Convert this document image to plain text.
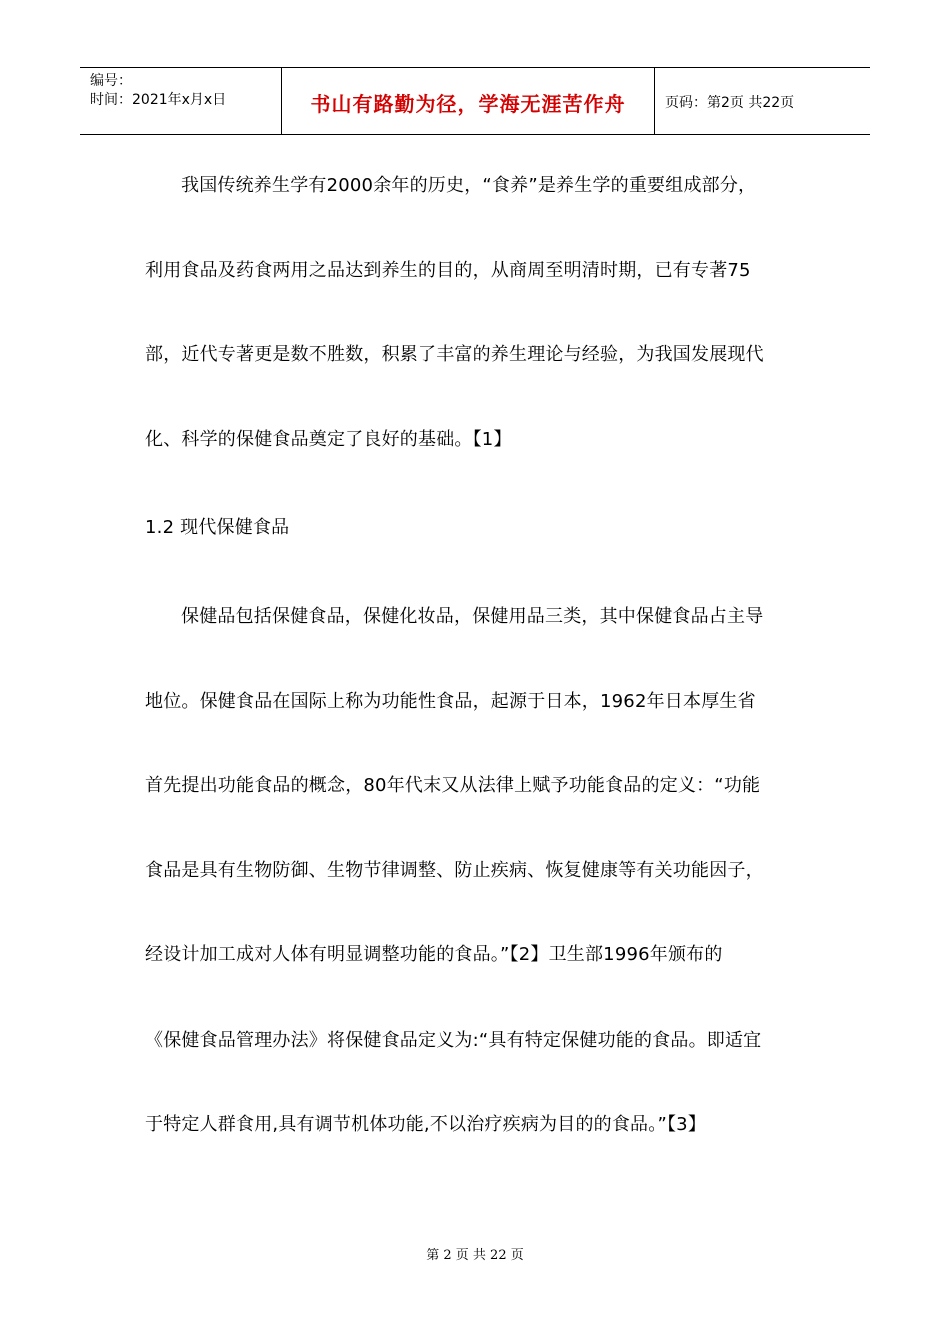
编号：
时间：2021年x月x日	书山有路勤为径，学海无涯苦作舟	页码：第2页 共22页
我国传统养生学有2000余年的历史，“食养”是养生学的重要组成部分，
利用食品及药食两用之品达到养生的目的，从商周至明清时期，已有专著75
部，近代专著更是数不胜数，积累了丰富的养生理论与经验，为我国发展现代
化、科学的保健食品奠定了良好的基础。【1】
1.2 现代保健食品
保健品包括保健食品，保健化妆品，保健用品三类，其中保健食品占主导
地位。保健食品在国际上称为功能性食品，起源于日本，1962年日本厚生省
首先提出功能食品的概念，80年代末又从法律上赋予功能食品的定义：“功能
食品是具有生物防御、生物节律调整、防止疾病、恢复健康等有关功能因子，
经设计加工成对人体有明显调整功能的食品。”【2】卫生部1996年颁布的
《保健食品管理办法》将保健食品定义为:“具有特定保健功能的食品。即适宜
于特定人群食用,具有调节机体功能,不以治疗疾病为目的的食品。”【3】
第 2 页 共 22 页
